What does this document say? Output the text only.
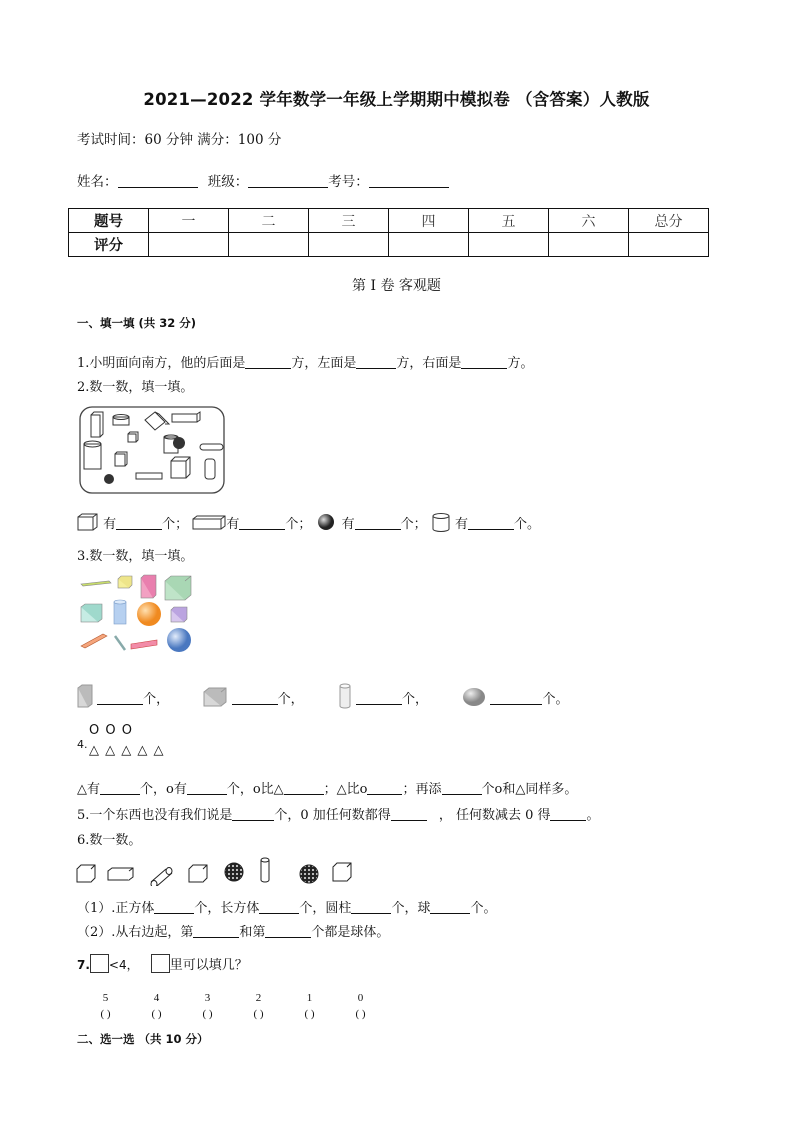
2021—2022 学年数学一年级上学期期中模拟卷 （含答案）人教版
考试时间：60 分钟 满分：100 分
姓名：	班级：	考号：
题号	一	二	三	四	五	六	总分
评分							
第 I 卷 客观题
一、填一填 (共 32 分)
1.小明面向南方，他的后面是	方，左面是	方，右面是	方。
2.数一数，填一填。
有	个；	有	个； 有	个； 有	个。
3.数一数，填一填。
个，	个，	个，	个。
O O O
4. △ △ △ △ △
△有	个，o有	个，o比△	；△比o	；再添	个o和△同样多。
5.一个东西也没有我们说是	个，0 加任何数都得	， 任何数减去 0 得	。
6.数一数。
（1）.正方体	个，长方体	个，圆柱	个，球	个。
（2）.从右边起，第	和第	个都是球体。
7. <4， 里可以填几？
5	4	3	2	1	0
( )	( )	( )	( )	( )	( )
二、选一选 （共 10 分）
